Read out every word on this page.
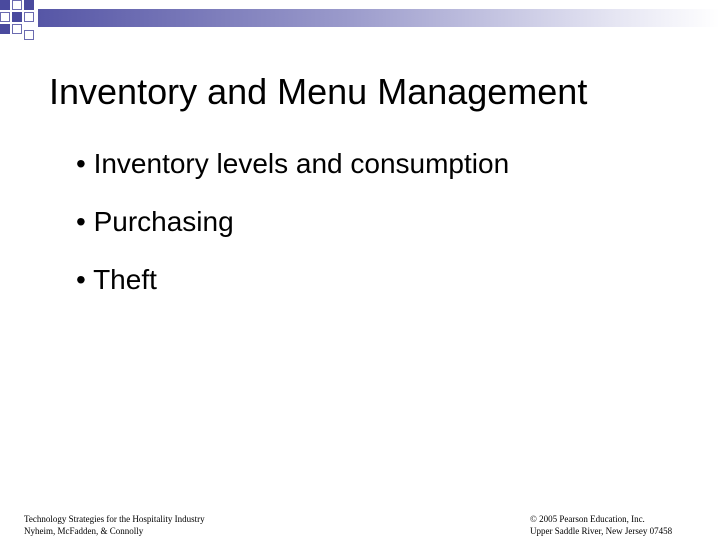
Inventory and Menu Management
• Inventory levels and consumption
• Purchasing
• Theft
Technology Strategies for the Hospitality Industry
Nyheim, McFadden, & Connolly
© 2005 Pearson Education, Inc.
Upper Saddle River, New Jersey 07458
